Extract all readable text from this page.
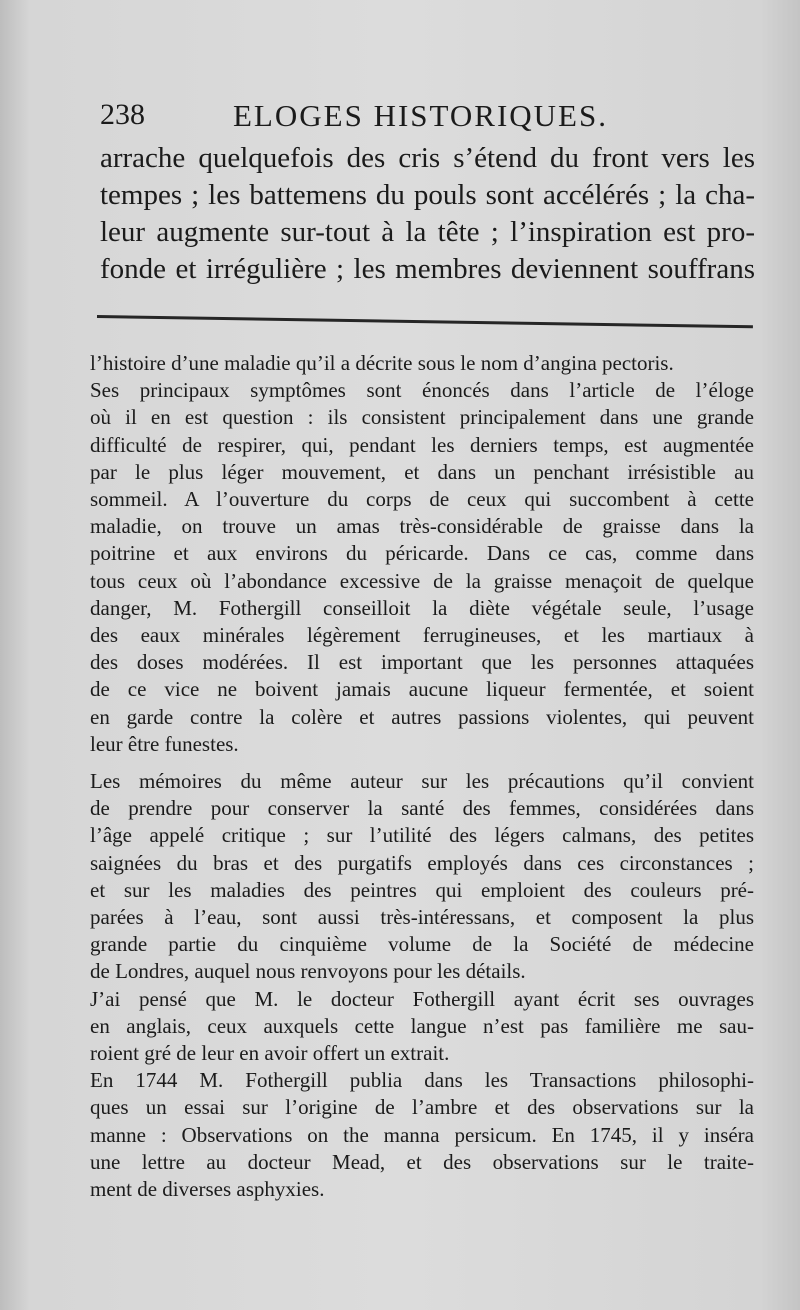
238	ELOGES HISTORIQUES.
arrache quelquefois des cris s’étend du front vers les
tempes ; les battemens du pouls sont accélérés ; la cha-
leur augmente sur-tout à la tête ; l’inspiration est pro-
fonde et irrégulière ; les membres deviennent souffrans
l’histoire d’une maladie qu’il a décrite sous le nom d’angina pectoris.
Ses principaux symptômes sont énoncés dans l’article de l’éloge
où il en est question : ils consistent principalement dans une grande
difficulté de respirer, qui, pendant les derniers temps, est augmentée
par le plus léger mouvement, et dans un penchant irrésistible au
sommeil. A l’ouverture du corps de ceux qui succombent à cette
maladie, on trouve un amas très-considérable de graisse dans la
poitrine et aux environs du péricarde. Dans ce cas, comme dans
tous ceux où l’abondance excessive de la graisse menaçoit de quelque
danger, M. Fothergill conseilloit la diète végétale seule, l’usage
des eaux minérales légèrement ferrugineuses, et les martiaux à
des doses modérées. Il est important que les personnes attaquées
de ce vice ne boivent jamais aucune liqueur fermentée, et soient
en garde contre la colère et autres passions violentes, qui peuvent
leur être funestes.
Les mémoires du même auteur sur les précautions qu’il convient
de prendre pour conserver la santé des femmes, considérées dans
l’âge appelé critique ; sur l’utilité des légers calmans, des petites
saignées du bras et des purgatifs employés dans ces circonstances ;
et sur les maladies des peintres qui emploient des couleurs pré-
parées à l’eau, sont aussi très-intéressans, et composent la plus
grande partie du cinquième volume de la Société de médecine
de Londres, auquel nous renvoyons pour les détails.
J’ai pensé que M. le docteur Fothergill ayant écrit ses ouvrages
en anglais, ceux auxquels cette langue n’est pas familière me sau-
roient gré de leur en avoir offert un extrait.
En 1744 M. Fothergill publia dans les Transactions philosophi-
ques un essai sur l’origine de l’ambre et des observations sur la
manne : Observations on the manna persicum. En 1745, il y inséra
une lettre au docteur Mead, et des observations sur le traite-
ment de diverses asphyxies.
